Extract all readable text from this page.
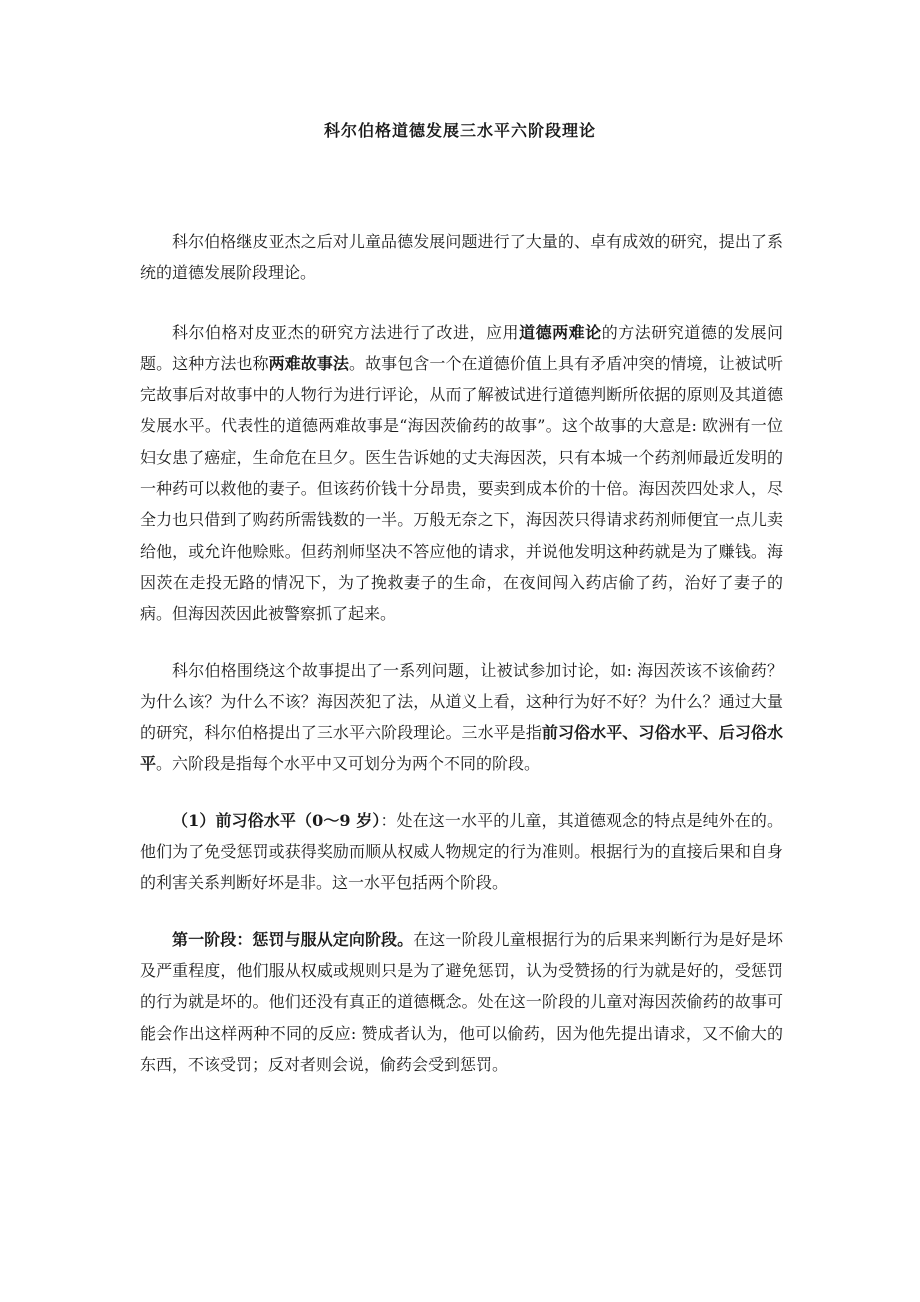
科尔伯格道德发展三水平六阶段理论

科尔伯格继皮亚杰之后对儿童品德发展问题进行了大量的、卓有成效的研究，提出了系统的道德发展阶段理论。

科尔伯格对皮亚杰的研究方法进行了改进，应用道德两难论的方法研究道德的发展问题。这种方法也称两难故事法。故事包含一个在道德价值上具有矛盾冲突的情境，让被试听完故事后对故事中的人物行为进行评论，从而了解被试进行道德判断所依据的原则及其道德发展水平。代表性的道德两难故事是“海因茨偷药的故事”。这个故事的大意是: 欧洲有一位妇女患了癌症，生命危在旦夕。医生告诉她的丈夫海因茨，只有本城一个药剂师最近发明的一种药可以救他的妻子。但该药价钱十分昂贵，要卖到成本价的十倍。海因茨四处求人，尽全力也只借到了购药所需钱数的一半。万般无奈之下，海因茨只得请求药剂师便宜一点儿卖给他，或允许他赊账。但药剂师坚决不答应他的请求，并说他发明这种药就是为了赚钱。海因茨在走投无路的情况下，为了挽救妻子的生命，在夜间闯入药店偷了药，治好了妻子的病。但海因茨因此被警察抓了起来。

科尔伯格围绕这个故事提出了一系列问题，让被试参加讨论，如: 海因茨该不该偷药？为什么该？为什么不该？海因茨犯了法，从道义上看，这种行为好不好？为什么？通过大量的研究，科尔伯格提出了三水平六阶段理论。三水平是指前习俗水平、习俗水平、后习俗水平。六阶段是指每个水平中又可划分为两个不同的阶段。

（1）前习俗水平（0～9 岁）：处在这一水平的儿童，其道德观念的特点是纯外在的。他们为了免受惩罚或获得奖励而顺从权威人物规定的行为准则。根据行为的直接后果和自身的利害关系判断好坏是非。这一水平包括两个阶段。

第一阶段：惩罚与服从定向阶段。在这一阶段儿童根据行为的后果来判断行为是好是坏及严重程度，他们服从权威或规则只是为了避免惩罚，认为受赞扬的行为就是好的，受惩罚的行为就是坏的。他们还没有真正的道德概念。处在这一阶段的儿童对海因茨偷药的故事可能会作出这样两种不同的反应: 赞成者认为，他可以偷药，因为他先提出请求，又不偷大的东西，不该受罚；反对者则会说，偷药会受到惩罚。
